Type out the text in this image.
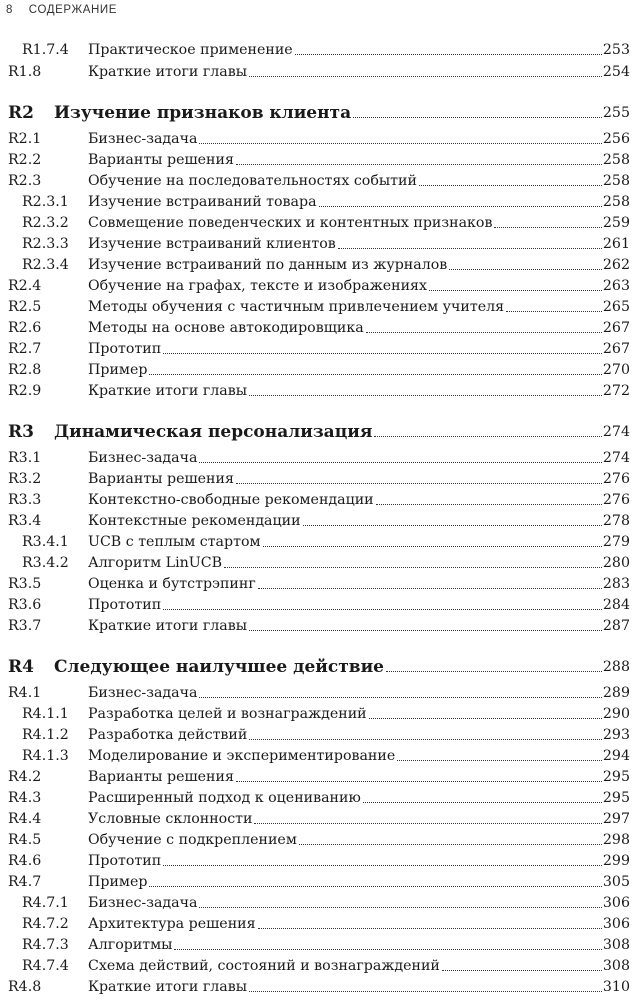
8 СОДЕРЖАНИЕ
R1.7.4	Практическое применение	253
R1.8	Краткие итоги главы	254
R2	Изучение признаков клиента	255
R2.1	Бизнес-задача	256
R2.2	Варианты решения	258
R2.3	Обучение на последовательностях событий	258
R2.3.1	Изучение встраиваний товара	258
R2.3.2	Совмещение поведенческих и контентных признаков	259
R2.3.3	Изучение встраиваний клиентов	261
R2.3.4	Изучение встраиваний по данным из журналов	262
R2.4	Обучение на графах, тексте и изображениях	263
R2.5	Методы обучения с частичным привлечением учителя	265
R2.6	Методы на основе автокодировщика	267
R2.7	Прототип	267
R2.8	Пример	270
R2.9	Краткие итоги главы	272
R3	Динамическая персонализация	274
R3.1	Бизнес-задача	274
R3.2	Варианты решения	276
R3.3	Контекстно-свободные рекомендации	276
R3.4	Контекстные рекомендации	278
R3.4.1	UCB с теплым стартом	279
R3.4.2	Алгоритм LinUCB	280
R3.5	Оценка и бутстрэпинг	283
R3.6	Прототип	284
R3.7	Краткие итоги главы	287
R4	Следующее наилучшее действие	288
R4.1	Бизнес-задача	289
R4.1.1	Разработка целей и вознаграждений	290
R4.1.2	Разработка действий	293
R4.1.3	Моделирование и экспериментирование	294
R4.2	Варианты решения	295
R4.3	Расширенный подход к оцениванию	295
R4.4	Условные склонности	297
R4.5	Обучение с подкреплением	298
R4.6	Прототип	299
R4.7	Пример	305
R4.7.1	Бизнес-задача	306
R4.7.2	Архитектура решения	306
R4.7.3	Алгоритмы	308
R4.7.4	Схема действий, состояний и вознаграждений	308
R4.8	Краткие итоги главы	310
